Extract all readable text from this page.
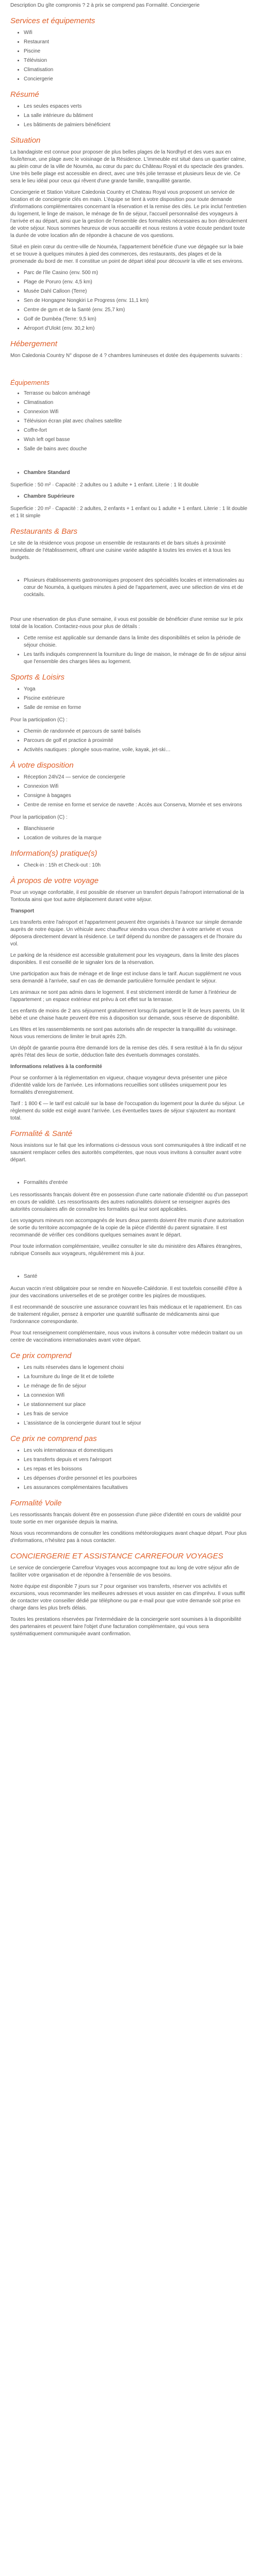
Description Du gîte compromis ? 2 à prix se comprend pas Formalité. Conciergerie

Services et équipements
• Wifi
• Restaurant
• Piscine
• Télévision
• Climatisation
• Conciergerie
Résumé
• Les seules espaces verts
• La salle intérieure du bâtiment
• Les bâtiments de palmiers bénéficient
Situation

La bandagiste est connue pour proposer de plus belles plages de la Nordhyd et des vues aux en foule/tenue, une plage avec le voisinage de la Résidence. L'immeuble est situé dans un quartier calme, au plein cœur de la ville de Nouméa, au cœur du parc du Château Royal et du spectacle des grandes. Une très belle plage est accessible en direct, avec une très jolie terrasse et plusieurs lieux de vie. Ce sera le lieu idéal pour ceux qui rêvent d'une grande famille, tranquillité garantie.

Conciergerie et Station Voiture Caledonia Country et Chateau Royal vous proposent un service de location et de conciergerie clés en main. L'équipe se tient à votre disposition pour toute demande d'informations complémentaires concernant la réservation et la remise des clés. Le prix inclut l'entretien du logement, le linge de maison, le ménage de fin de séjour, l'accueil personnalisé des voyageurs à l'arrivée et au départ, ainsi que la gestion de l'ensemble des formalités nécessaires au bon déroulement de votre séjour. Nous sommes heureux de vous accueillir et nous restons à votre écoute pendant toute la durée de votre location afin de répondre à chacune de vos questions.

Situé en plein cœur du centre-ville de Nouméa, l'appartement bénéficie d'une vue dégagée sur la baie et se trouve à quelques minutes à pied des commerces, des restaurants, des plages et de la promenade du bord de mer. Il constitue un point de départ idéal pour découvrir la ville et ses environs.

• Parc de l'île Casino (env. 500 m)
• Plage de Poruro (env. 4,5 km)
• Musée Dahl Calloon (Terre)
• Sen de Hongagne Nongkiri Le Progress (env. 11,1 km)
• Centre de gym et de la Santé (env. 25,7 km)
• Golf de Dumbéa (Terre: 9,5 km)
• Aéroport d'Ulokt (env. 30,2 km)
Hébergement

Mon Caledonia Country N° dispose de 4 ? chambres lumineuses et dotée des équipements suivants :

Équipements
• Terrasse ou balcon aménagé
• Climatisation
• Connexion Wifi
• Télévision écran plat avec chaînes satellite
• Coffre-fort
• Wish left ogel basse
• Salle de bains avec douche
• Chambre Standard

Superficie : 50 m² · Capacité : 2 adultes ou 1 adulte + 1 enfant. Literie : 1 lit double

• Chambre Supérieure

Superficie : 20 m² · Capacité : 2 adultes, 2 enfants + 1 enfant ou 1 adulte + 1 enfant. Literie : 1 lit double et 1 lit simple

Restaurants & Bars

Le site de la résidence vous propose un ensemble de restaurants et de bars situés à proximité immédiate de l'établissement, offrant une cuisine variée adaptée à toutes les envies et à tous les budgets.

• Plusieurs établissements gastronomiques proposent des spécialités locales et internationales au cœur de Nouméa, à quelques minutes à pied de l'appartement, avec une sélection de vins et de cocktails.

Pour une réservation de plus d'une semaine, il vous est possible de bénéficier d'une remise sur le prix total de la location. Contactez-nous pour plus de détails :

• Cette remise est applicable sur demande dans la limite des disponibilités et selon la période de séjour choisie.
• Les tarifs indiqués comprennent la fourniture du linge de maison, le ménage de fin de séjour ainsi que l'ensemble des charges liées au logement.
Sports & Loisirs
• Yoga
• Piscine extérieure
• Salle de remise en forme

Pour la participation (C) :

• Chemin de randonnée et parcours de santé balisés
• Parcours de golf et practice à proximité
• Activités nautiques : plongée sous-marine, voile, kayak, jet-ski…
À votre disposition
• Réception 24h/24 — service de conciergerie
• Connexion Wifi
• Consigne à bagages
• Centre de remise en forme et service de navette : Accès aux Conserva, Mornée et ses environs

Pour la participation (C) :

• Blanchisserie
• Location de voitures de la marque
Information(s) pratique(s)
• Check-in : 15h et Check-out : 10h
À propos de votre voyage

Pour un voyage confortable, il est possible de réserver un transfert depuis l'aéroport international de la Tontouta ainsi que tout autre déplacement durant votre séjour.

Transport

Les transferts entre l'aéroport et l'appartement peuvent être organisés à l'avance sur simple demande auprès de notre équipe. Un véhicule avec chauffeur viendra vous chercher à votre arrivée et vous déposera directement devant la résidence. Le tarif dépend du nombre de passagers et de l'horaire du vol.

Le parking de la résidence est accessible gratuitement pour les voyageurs, dans la limite des places disponibles. Il est conseillé de le signaler lors de la réservation.

Une participation aux frais de ménage et de linge est incluse dans le tarif. Aucun supplément ne vous sera demandé à l'arrivée, sauf en cas de demande particulière formulée pendant le séjour.

Les animaux ne sont pas admis dans le logement. Il est strictement interdit de fumer à l'intérieur de l'appartement ; un espace extérieur est prévu à cet effet sur la terrasse.

Les enfants de moins de 2 ans séjournent gratuitement lorsqu'ils partagent le lit de leurs parents. Un lit bébé et une chaise haute peuvent être mis à disposition sur demande, sous réserve de disponibilité.

Les fêtes et les rassemblements ne sont pas autorisés afin de respecter la tranquillité du voisinage. Nous vous remercions de limiter le bruit après 22h.

Un dépôt de garantie pourra être demandé lors de la remise des clés. Il sera restitué à la fin du séjour après l'état des lieux de sortie, déduction faite des éventuels dommages constatés.

Informations relatives à la conformité

Pour se conformer à la réglementation en vigueur, chaque voyageur devra présenter une pièce d'identité valide lors de l'arrivée. Les informations recueillies sont utilisées uniquement pour les formalités d'enregistrement.

Tarif : 1 800 € — le tarif est calculé sur la base de l'occupation du logement pour la durée du séjour. Le règlement du solde est exigé avant l'arrivée. Les éventuelles taxes de séjour s'ajoutent au montant total.

Formalité & Santé

Nous insistons sur le fait que les informations ci-dessous vous sont communiquées à titre indicatif et ne sauraient remplacer celles des autorités compétentes, que nous vous invitons à consulter avant votre départ.

• Formalités d'entrée

Les ressortissants français doivent être en possession d'une carte nationale d'identité ou d'un passeport en cours de validité. Les ressortissants des autres nationalités doivent se renseigner auprès des autorités consulaires afin de connaître les formalités qui leur sont applicables.

Les voyageurs mineurs non accompagnés de leurs deux parents doivent être munis d'une autorisation de sortie du territoire accompagnée de la copie de la pièce d'identité du parent signataire. Il est recommandé de vérifier ces conditions quelques semaines avant le départ.

Pour toute information complémentaire, veuillez consulter le site du ministère des Affaires étrangères, rubrique Conseils aux voyageurs, régulièrement mis à jour.

• Santé

Aucun vaccin n'est obligatoire pour se rendre en Nouvelle-Calédonie. Il est toutefois conseillé d'être à jour des vaccinations universelles et de se protéger contre les piqûres de moustiques.

Il est recommandé de souscrire une assurance couvrant les frais médicaux et le rapatriement. En cas de traitement régulier, pensez à emporter une quantité suffisante de médicaments ainsi que l'ordonnance correspondante.

Pour tout renseignement complémentaire, nous vous invitons à consulter votre médecin traitant ou un centre de vaccinations internationales avant votre départ.

Ce prix comprend
• Les nuits réservées dans le logement choisi
• La fourniture du linge de lit et de toilette
• Le ménage de fin de séjour
• La connexion Wifi
• Le stationnement sur place
• Les frais de service
• L'assistance de la conciergerie durant tout le séjour
Ce prix ne comprend pas
• Les vols internationaux et domestiques
• Les transferts depuis et vers l'aéroport
• Les repas et les boissons
• Les dépenses d'ordre personnel et les pourboires
• Les assurances complémentaires facultatives
Formalité Voile

Les ressortissants français doivent être en possession d'une pièce d'identité en cours de validité pour toute sortie en mer organisée depuis la marina.

Nous vous recommandons de consulter les conditions météorologiques avant chaque départ. Pour plus d'informations, n'hésitez pas à nous contacter.

CONCIERGERIE ET ASSISTANCE CARREFOUR VOYAGES

Le service de conciergerie Carrefour Voyages vous accompagne tout au long de votre séjour afin de faciliter votre organisation et de répondre à l'ensemble de vos besoins.

Notre équipe est disponible 7 jours sur 7 pour organiser vos transferts, réserver vos activités et excursions, vous recommander les meilleures adresses et vous assister en cas d'imprévu. Il vous suffit de contacter votre conseiller dédié par téléphone ou par e-mail pour que votre demande soit prise en charge dans les plus brefs délais.

Toutes les prestations réservées par l'intermédiaire de la conciergerie sont soumises à la disponibilité des partenaires et peuvent faire l'objet d'une facturation complémentaire, qui vous sera systématiquement communiquée avant confirmation.
